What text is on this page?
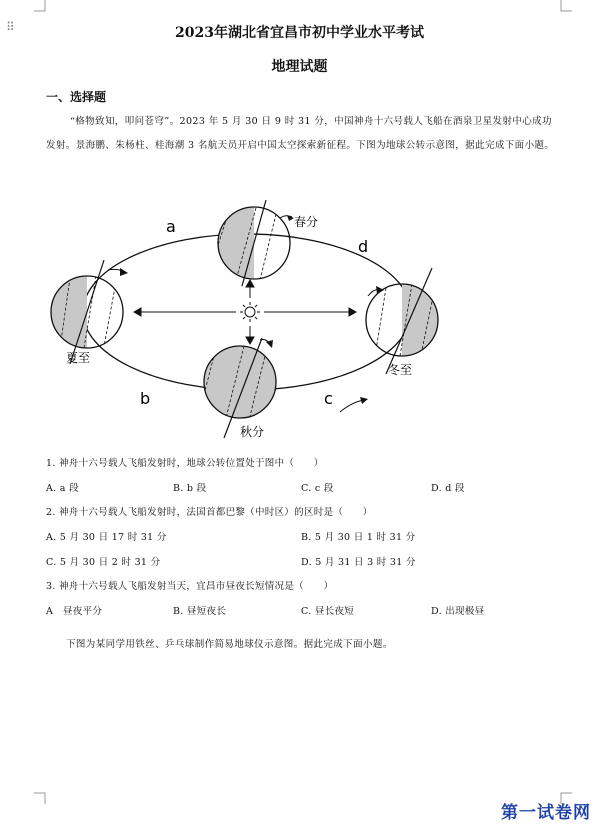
⠿	2023年湖北省宜昌市初中学业水平考试
地理试题
一、选择题
“格物致知，叩问苍穹”。2023 年 5 月 30 日 9 时 31 分，中国神舟十六号载人飞船在酒泉卫星发射中心成功发射。景海鹏、朱杨柱、桂海潮 3 名航天员开启中国太空探索新征程。下图为地球公转示意图，据此完成下面小题。
a
b	c
d
春分
夏至
秋分
冬至
1. 神舟十六号载人飞船发射时，地球公转位置处于图中（　　）
A. a 段	B. b 段	C. c 段	D. d 段
2. 神舟十六号载人飞船发射时，法国首都巴黎（中时区）的区时是（　　）
A. 5 月 30 日 17 时 31 分	B. 5 月 30 日 1 时 31 分
C. 5 月 30 日 2 时 31 分	D. 5 月 31 日 3 时 31 分
3. 神舟十六号载人飞船发射当天，宜昌市昼夜长短情况是（　　）
A　昼夜平分	B. 昼短夜长	C. 昼长夜短	D. 出现极昼
下图为某同学用铁丝、乒乓球制作简易地球仪示意图。据此完成下面小题。
第一试卷网
